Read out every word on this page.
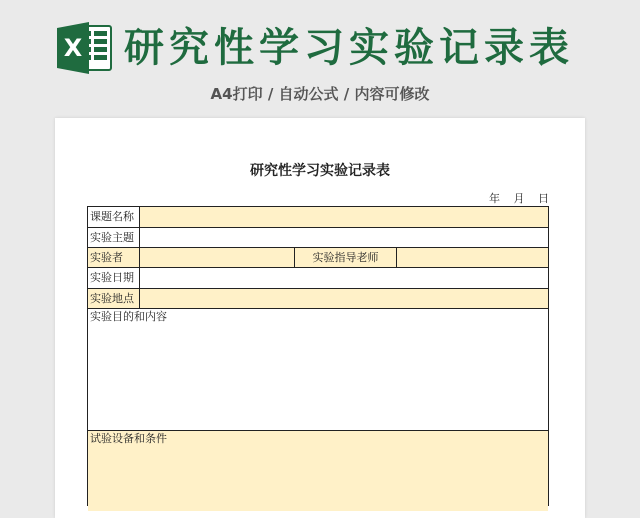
X 研究性学习实验记录表
A4打印 / 自动公式 / 内容可修改
研究性学习实验记录表
年 月 日
课题名称
实验主题
实验者	实验指导老师
实验日期
实验地点
实验目的和内容
试验设备和条件
